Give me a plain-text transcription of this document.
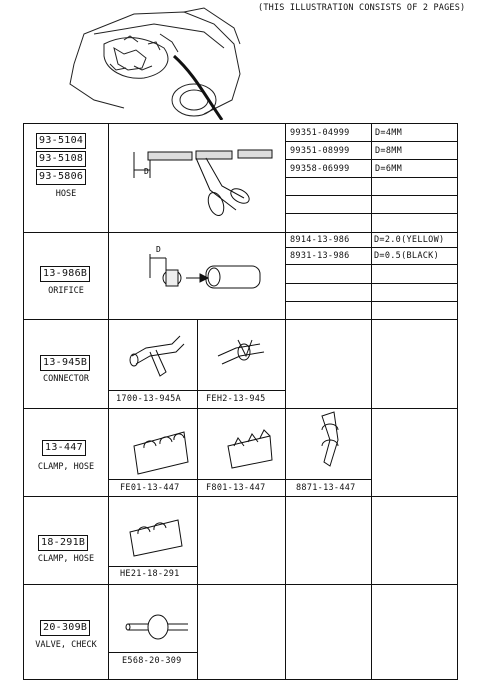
(THIS ILLUSTRATION CONSISTS OF 2 PAGES)
D
D
93-5104
93-5108
93-5806
HOSE
99351-04999	D=4MM
99351-08999	D=8MM
99358-06999	D=6MM
13-986B
ORIFICE
8914-13-986	D=2.0(YELLOW)
8931-13-986	D=0.5(BLACK)
13-945B
CONNECTOR
1700-13-945A	FEH2-13-945
13-447
CLAMP, HOSE
FE01-13-447	F801-13-447	8871-13-447
18-291B
CLAMP, HOSE
HE21-18-291
20-309B
VALVE, CHECK
E568-20-309
